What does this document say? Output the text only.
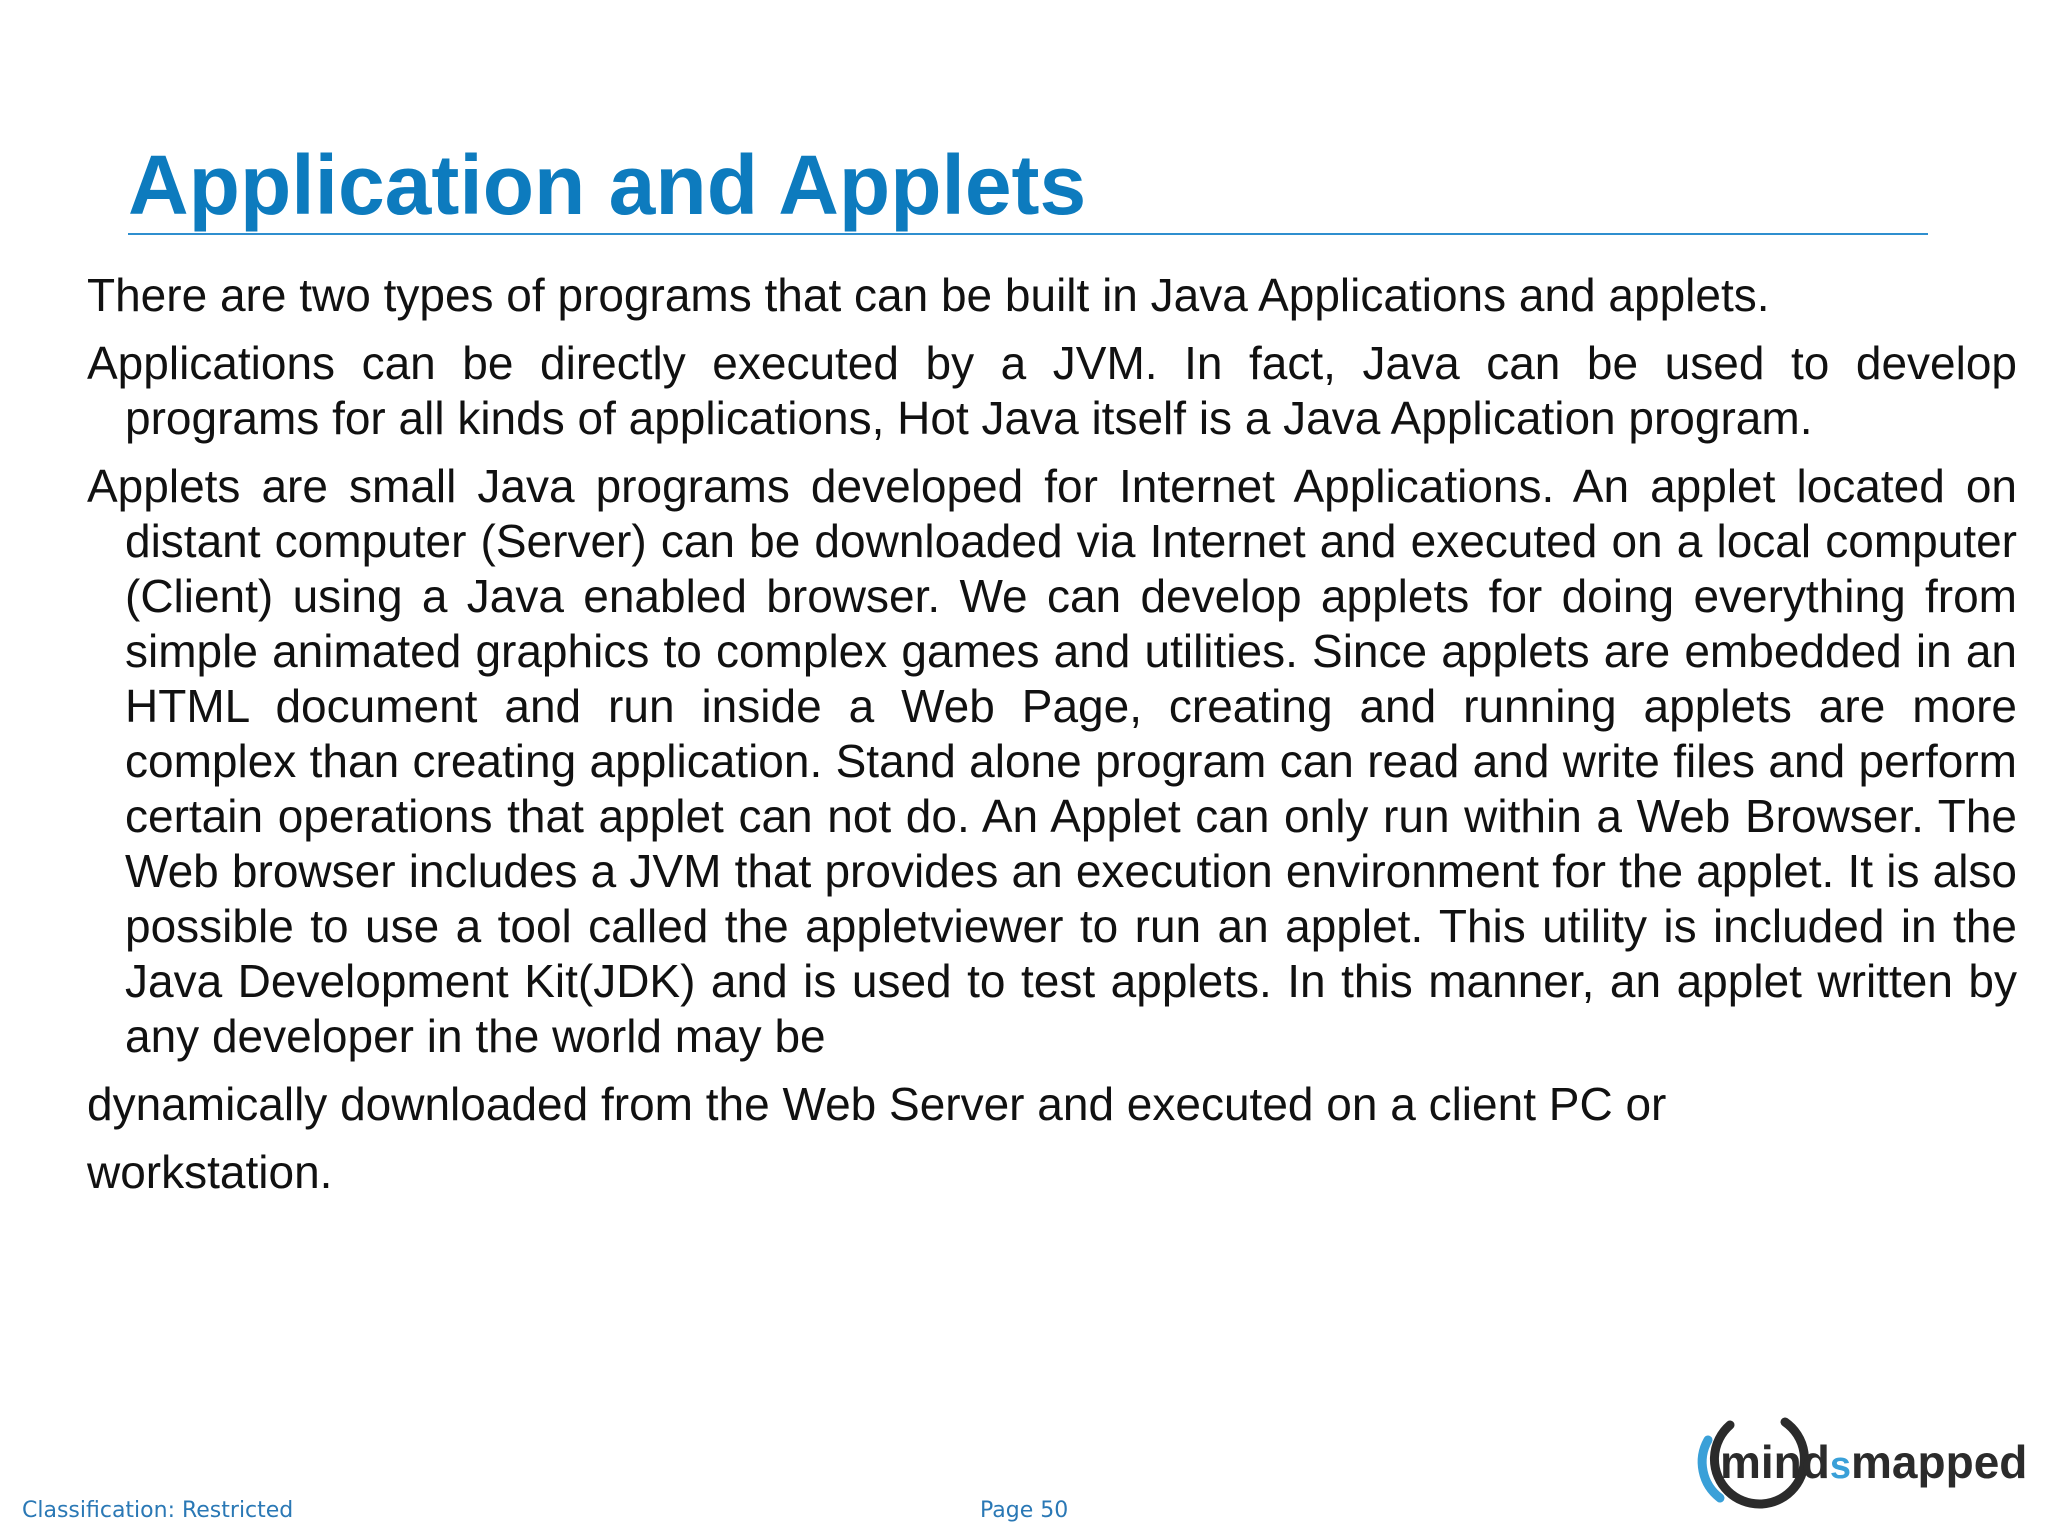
Application and Applets

There are two types of programs that can be built in Java Applications and applets.

Applications can be directly executed by a JVM. In fact, Java can be used to develop programs for all kinds of applications, Hot Java itself is a Java Application program.

Applets are small Java programs developed for Internet Applications. An applet located on distant computer (Server) can be downloaded via Internet and executed on a local computer (Client) using a Java enabled browser. We can develop applets for doing everything from simple animated graphics to complex games and utilities. Since applets are embedded in an HTML document and run inside a Web Page, creating and running applets are more complex than creating application. Stand alone program can read and write files and perform certain operations that applet can not do. An Applet can only run within a Web Browser. The Web browser includes a JVM that provides an execution environment for the applet. It is also possible to use a tool called the appletviewer to run an applet. This utility is included in the Java Development Kit(JDK) and is used to test applets. In this manner, an applet written by any developer in the world may be

dynamically downloaded from the Web Server and executed on a client PC or

workstation.

Classification: Restricted	Page 50
mindsmapped
